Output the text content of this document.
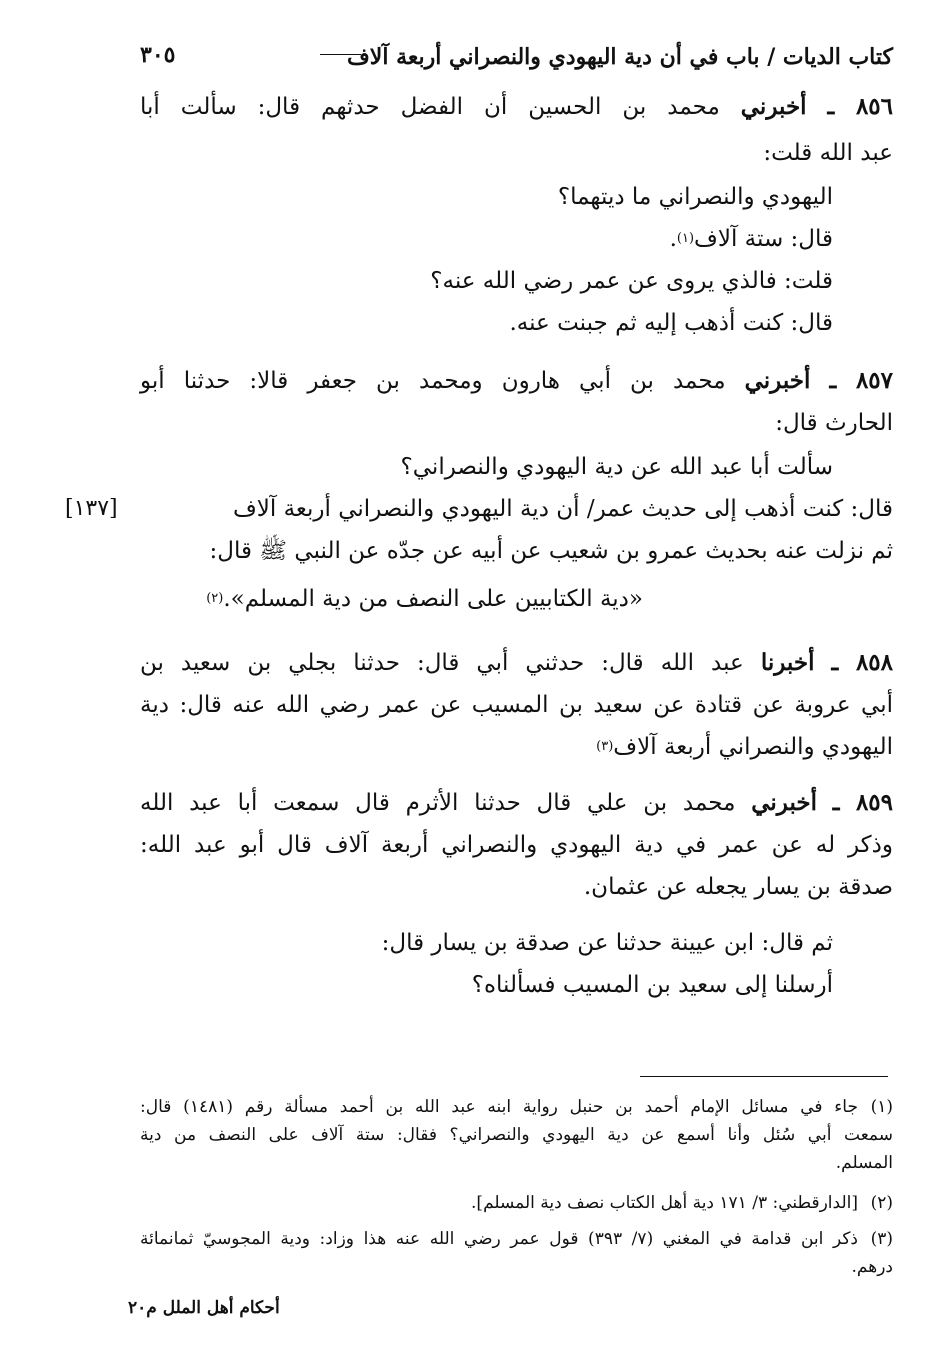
كتاب الديات / باب في أن دية اليهودي والنصراني أربعة آلاف
٣٠٥
٨٥٦ ـ أخبرني محمد بن الحسين أن الفضل حدثهم قال: سألت أبا
عبد الله قلت:
اليهودي والنصراني ما ديتهما؟
قال: ستة آلاف$^{(١)}$.
قلت: فالذي يروى عن عمر رضي الله عنه؟
قال: كنت أذهب إليه ثم جبنت عنه.
٨٥٧ ـ أخبرني محمد بن أبي هارون ومحمد بن جعفر قالا: حدثنا أبو
الحارث قال:
سألت أبا عبد الله عن دية اليهودي والنصراني؟
قال: كنت أذهب إلى حديث عمر/ أن دية اليهودي والنصراني أربعة آلاف
[١٣٧]
ثم نزلت عنه بحديث عمرو بن شعيب عن أبيه عن جدّه عن النبي ﷺ قال:
«دية الكتابيين على النصف من دية المسلم».$^{(٢)}$
٨٥٨ ـ أخبرنا عبد الله قال: حدثني أبي قال: حدثنا بجلي بن سعيد بن
أبي عروبة عن قتادة عن سعيد بن المسيب عن عمر رضي الله عنه قال: دية
اليهودي والنصراني أربعة آلاف$^{(٣)}$
٨٥٩ ـ أخبرني محمد بن علي قال حدثنا الأثرم قال سمعت أبا عبد الله
وذكر له عن عمر في دية اليهودي والنصراني أربعة آلاف قال أبو عبد الله:
صدقة بن يسار يجعله عن عثمان.
ثم قال: ابن عيينة حدثنا عن صدقة بن يسار قال:
أرسلنا إلى سعيد بن المسيب فسألناه؟
(١)
جاء في مسائل الإمام أحمد بن حنبل رواية ابنه عبد الله بن أحمد مسألة رقم (١٤٨١) قال:
سمعت أبي سُئل وأنا أسمع عن دية اليهودي والنصراني؟ فقال: ستة آلاف على النصف من دية
المسلم.
(٢)
[الدارقطني: ٣/ ١٧١ دية أهل الكتاب نصف دية المسلم].
(٣)
ذكر ابن قدامة في المغني (٧/ ٣٩٣) قول عمر رضي الله عنه هذا وزاد: ودية المجوسيّ ثمانمائة
درهم.
أحكام أهل الملل م٢٠
